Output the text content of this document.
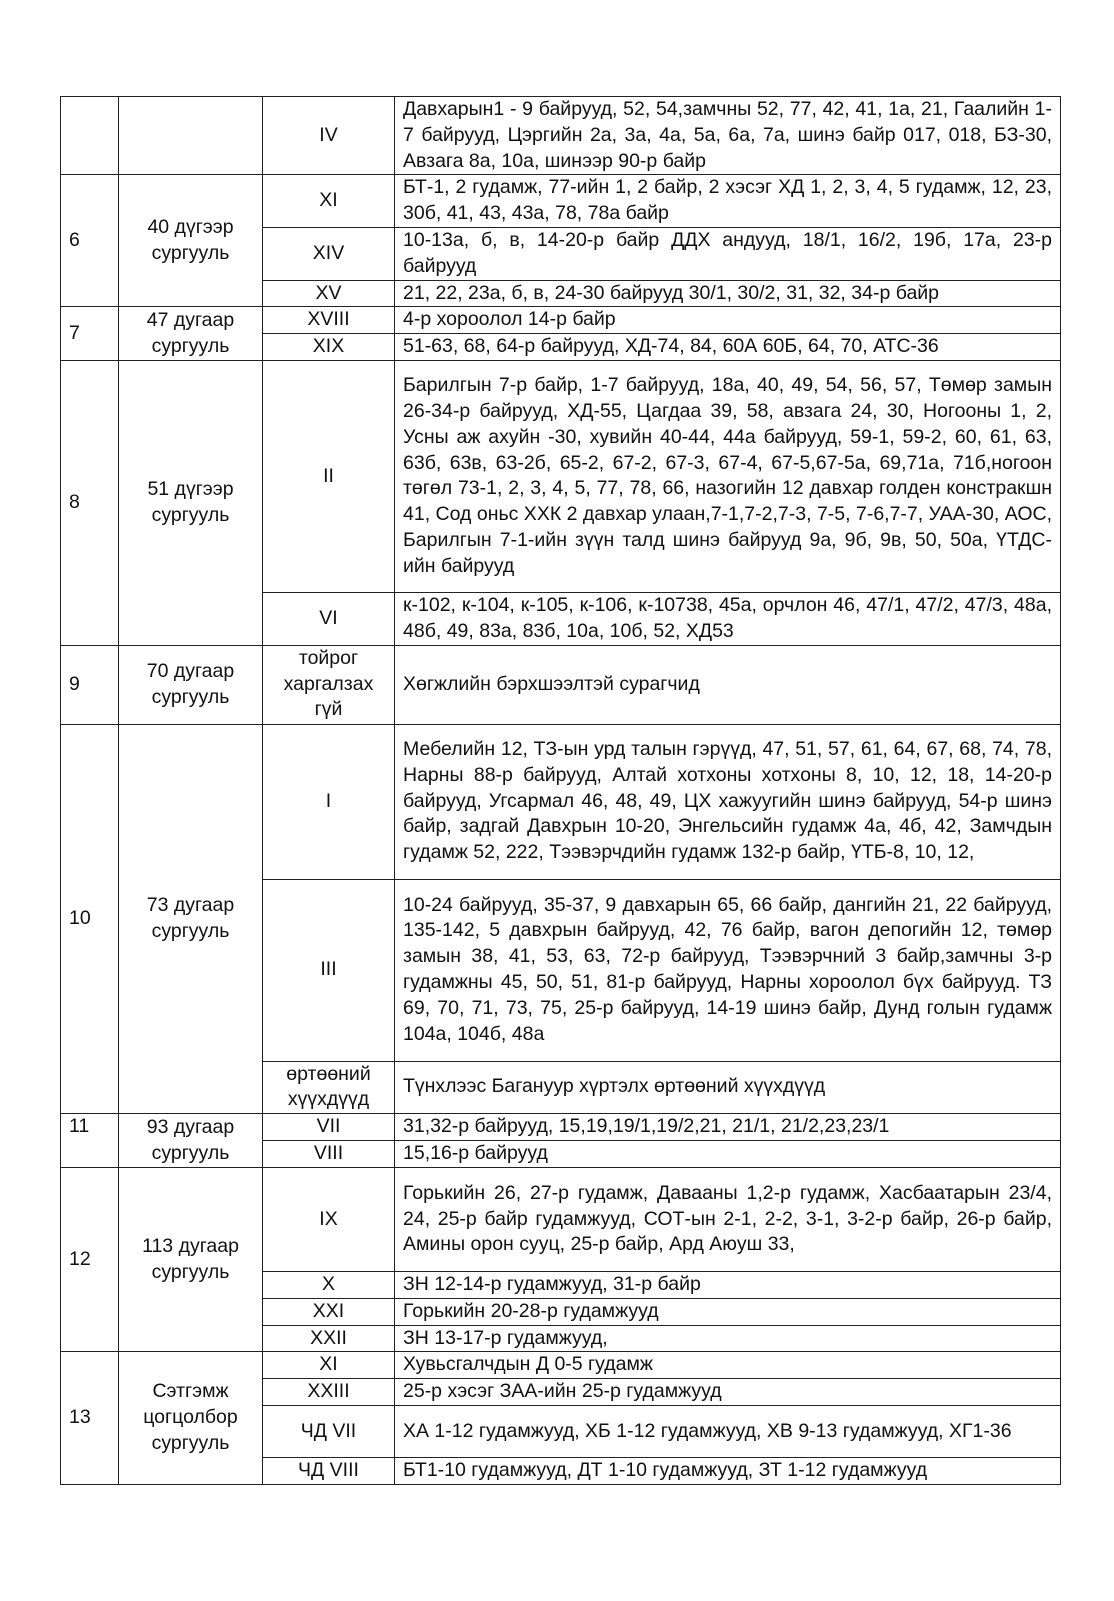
		IV	Давхарын1 - 9 байрууд, 52, 54,замчны 52, 77, 42, 41, 1а, 21, Гаалийн 1-7 байрууд, Цэргийн 2а, 3а, 4а, 5а, 6а, 7а, шинэ байр 017, 018, БЗ-30, Авзага 8а, 10а, шинээр 90-р байр
6	40 дүгээр сургууль	XI	БТ-1, 2 гудамж, 77-ийн 1, 2 байр, 2 хэсэг ХД 1, 2, 3, 4, 5 гудамж, 12, 23, 30б, 41, 43, 43а, 78, 78а байр
		XIV	10-13а, б, в, 14-20-р байр ДДХ андууд, 18/1, 16/2, 19б, 17а, 23-р байрууд
		XV	21, 22, 23а, б, в, 24-30 байрууд 30/1, 30/2, 31, 32, 34-р байр
7	47 дугаар сургууль	XVIII	4-р хороолол 14-р байр
		XIX	51-63, 68, 64-р байрууд, ХД-74, 84, 60А 60Б, 64, 70, АТС-36
8	51 дүгээр сургууль	II	Барилгын 7-р байр, 1-7 байрууд, 18а, 40, 49, 54, 56, 57, Төмөр замын 26-34-р байрууд, ХД-55, Цагдаа 39, 58, авзага 24, 30, Ногооны 1, 2, Усны аж ахуйн -30, хувийн 40-44, 44а байрууд, 59-1, 59-2, 60, 61, 63, 63б, 63в, 63-2б, 65-2, 67-2, 67-3, 67-4, 67-5,67-5а, 69,71а, 71б,ногоон төгөл 73-1, 2, 3, 4, 5, 77, 78, 66, назогийн 12 давхар голден констракшн 41, Сод оньс ХХК 2 давхар улаан,7-1,7-2,7-3, 7-5, 7-6,7-7, УАА-30, АОС, Барилгын 7-1-ийн зүүн талд шинэ байрууд 9а, 9б, 9в, 50, 50а, ҮТДС-ийн байрууд
		VI	к-102, к-104, к-105, к-106, к-10738, 45а, орчлон 46, 47/1, 47/2, 47/3, 48а, 48б, 49, 83а, 83б, 10а, 10б, 52, ХД53
9	70 дугаар сургууль	тойрог харгалзах гүй	Хөгжлийн бэрхшээлтэй сурагчид
10	73 дугаар сургууль	I	Мебелийн 12, ТЗ-ын урд талын гэрүүд, 47, 51, 57, 61, 64, 67, 68, 74, 78, Нарны 88-р байрууд, Алтай хотхоны хотхоны 8, 10, 12, 18, 14-20-р байрууд, Угсармал 46, 48, 49, ЦХ хажуугийн шинэ байрууд, 54-р шинэ байр, задгай Давхрын 10-20, Энгельсийн гудамж 4а, 4б, 42, Замчдын гудамж 52, 222, Тээвэрчдийн гудамж 132-р байр, ҮТБ-8, 10, 12,
		III	10-24 байрууд, 35-37, 9 давхарын 65, 66 байр, дангийн 21, 22 байрууд, 135-142, 5 давхрын байрууд, 42, 76 байр, вагон депогийн 12, төмөр замын 38, 41, 53, 63, 72-р байрууд, Тээвэрчний 3 байр,замчны 3-р гудамжны 45, 50, 51, 81-р байрууд, Нарны хороолол бүх байрууд. ТЗ 69, 70, 71, 73, 75, 25-р байрууд, 14-19 шинэ байр, Дунд голын гудамж 104а, 104б, 48а
		өртөөний хүүхдүүд	Түнхлээс Багануур хүртэлх өртөөний хүүхдүүд
11	93 дугаар сургууль	VII	31,32-р байрууд, 15,19,19/1,19/2,21, 21/1, 21/2,23,23/1
		VIII	15,16-р байрууд
12	113 дугаар сургууль	IX	Горькийн 26, 27-р гудамж, Давааны 1,2-р гудамж, Хасбаатарын 23/4, 24, 25-р байр гудамжууд, СОТ-ын 2-1, 2-2, 3-1, 3-2-р байр, 26-р байр, Амины орон сууц, 25-р байр, Ард Аюуш 33,
		X	ЗН 12-14-р гудамжууд, 31-р байр
		XXI	Горькийн 20-28-р гудамжууд
		XXII	ЗН 13-17-р гудамжууд,
13	Сэтгэмж цогцолбор сургууль	XI	Хувьсгалчдын Д 0-5 гудамж
		XXIII	25-р хэсэг ЗАА-ийн 25-р гудамжууд
		ЧД VII	ХА 1-12 гудамжууд, ХБ 1-12 гудамжууд, ХВ 9-13 гудамжууд, ХГ1-36
		ЧД VIII	БТ1-10 гудамжууд, ДТ 1-10 гудамжууд, ЗТ 1-12 гудамжууд
